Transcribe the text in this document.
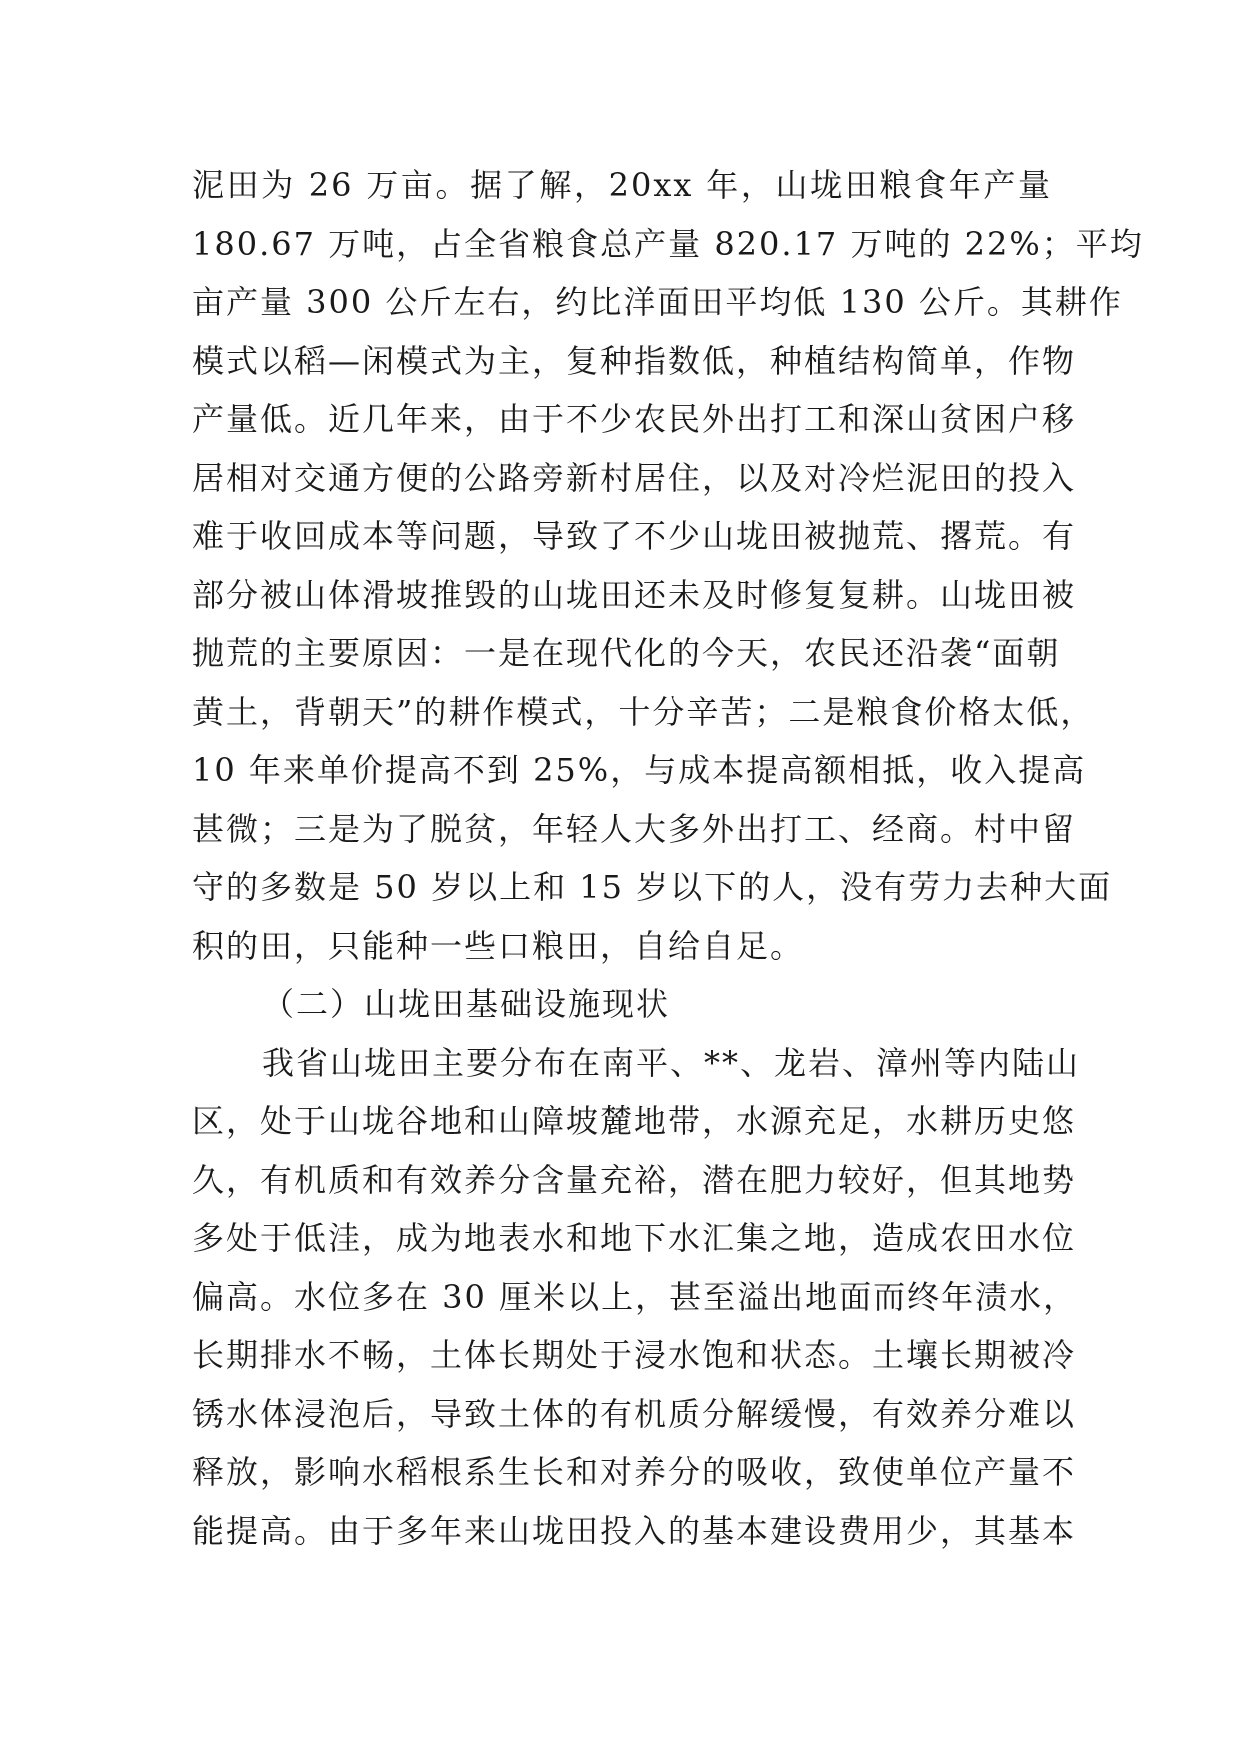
泥田为 26 万亩。据了解，20xx 年，山垅田粮食年产量
180.67 万吨，占全省粮食总产量 820.17 万吨的 22%；平均
亩产量 300 公斤左右，约比洋面田平均低 130 公斤。其耕作
模式以稻—闲模式为主，复种指数低，种植结构简单，作物
产量低。近几年来，由于不少农民外出打工和深山贫困户移
居相对交通方便的公路旁新村居住，以及对冷烂泥田的投入
难于收回成本等问题，导致了不少山垅田被抛荒、撂荒。有
部分被山体滑坡推毁的山垅田还未及时修复复耕。山垅田被
抛荒的主要原因：一是在现代化的今天，农民还沿袭“面朝
黄土，背朝天”的耕作模式，十分辛苦；二是粮食价格太低，
10 年来单价提高不到 25%，与成本提高额相抵，收入提高
甚微；三是为了脱贫，年轻人大多外出打工、经商。村中留
守的多数是 50 岁以上和 15 岁以下的人，没有劳力去种大面
积的田，只能种一些口粮田，自给自足。
（二）山垅田基础设施现状
我省山垅田主要分布在南平、**、龙岩、漳州等内陆山
区，处于山垅谷地和山障坡麓地带，水源充足，水耕历史悠
久，有机质和有效养分含量充裕，潜在肥力较好，但其地势
多处于低洼，成为地表水和地下水汇集之地，造成农田水位
偏高。水位多在 30 厘米以上，甚至溢出地面而终年渍水，
长期排水不畅，土体长期处于浸水饱和状态。土壤长期被冷
锈水体浸泡后，导致土体的有机质分解缓慢，有效养分难以
释放，影响水稻根系生长和对养分的吸收，致使单位产量不
能提高。由于多年来山垅田投入的基本建设费用少，其基本
